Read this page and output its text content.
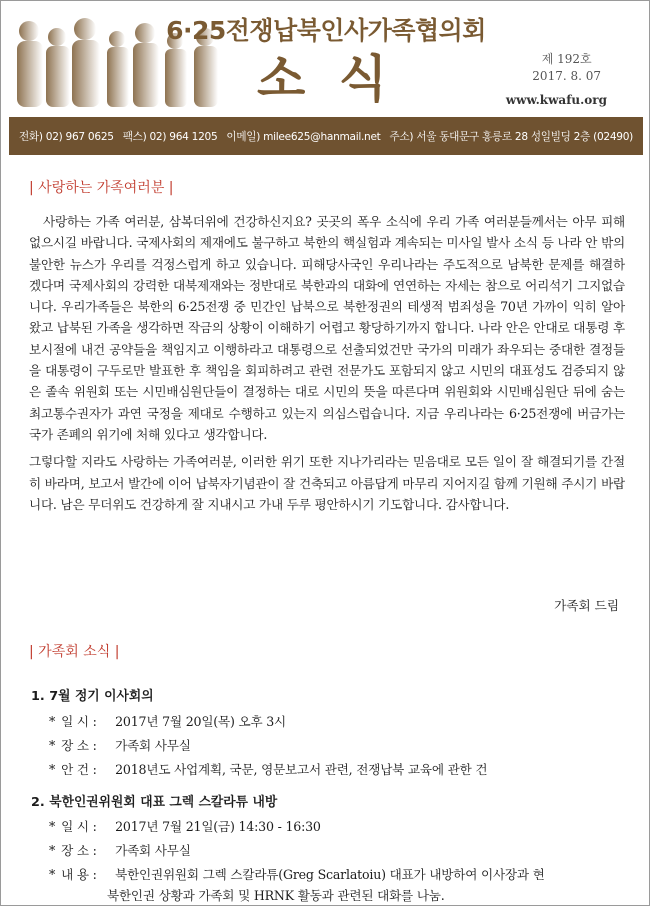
6·25전쟁납북인사가족협의회
소 식	제 192호
2017. 8. 07
www.kwafu.org
전화) 02) 967 0625 팩스) 02) 964 1205 이메일) milee625@hanmail.net 주소) 서울 동대문구 홍릉로 28 성일빌딩 2층 (02490)
| 사랑하는 가족여러분 |

사랑하는 가족 여러분, 삼복더위에 건강하신지요? 곳곳의 폭우 소식에 우리 가족 여러분들께서는 아무 피해 없으시길 바랍니다. 국제사회의 제재에도 불구하고 북한의 핵실험과 계속되는 미사일 발사 소식 등 나라 안 밖의 불안한 뉴스가 우리를 걱정스럽게 하고 있습니다. 피해당사국인 우리나라는 주도적으로 남북한 문제를 해결하겠다며 국제사회의 강력한 대북제재와는 정반대로 북한과의 대화에 연연하는 자세는 참으로 어리석기 그지없습니다. 우리가족들은 북한의 6·25전쟁 중 민간인 납북으로 북한정권의 테생적 범죄성을 70년 가까이 익히 알아왔고 납북된 가족을 생각하면 작금의 상황이 이해하기 어렵고 황당하기까지 합니다. 나라 안은 안대로 대통령 후보시절에 내건 공약들을 책임지고 이행하라고 대통령으로 선출되었건만 국가의 미래가 좌우되는 중대한 결정들을 대통령이 구두로만 발표한 후 책임을 회피하려고 관련 전문가도 포함되지 않고 시민의 대표성도 검증되지 않은 졸속 위원회 또는 시민배심원단들이 결정하는 대로 시민의 뜻을 따른다며 위원회와 시민배심원단 뒤에 숨는 최고통수권자가 과연 국정을 제대로 수행하고 있는지 의심스럽습니다. 지금 우리나라는 6·25전쟁에 버금가는 국가 존폐의 위기에 처해 있다고 생각합니다.

그렇다할 지라도 사랑하는 가족여러분, 이러한 위기 또한 지나가리라는 믿음대로 모든 일이 잘 해결되기를 간절히 바라며, 보고서 발간에 이어 납북자기념관이 잘 건축되고 아름답게 마무리 지어지길 함께 기원해 주시기 바랍니다. 남은 무더위도 건강하게 잘 지내시고 가내 두루 평안하시기 기도합니다. 감사합니다.

가족회 드림
| 가족회 소식 |
1. 7월 정기 이사회의
* 일 시 : 2017년 7월 20일(목) 오후 3시
* 장 소 : 가족회 사무실
* 안 건 : 2018년도 사업계획, 국문, 영문보고서 관련, 전쟁납북 교육에 관한 건
2. 북한인권위원회 대표 그렉 스칼라튜 내방
* 일 시 : 2017년 7월 21일(금) 14:30 - 16:30
* 장 소 : 가족회 사무실
* 내 용 : 북한인권위원회 그렉 스칼라튜(Greg Scarlatoiu) 대표가 내방하여 이사장과 현
북한인권 상황과 가족회 및 HRNK 활동과 관련된 대화를 나눔.
